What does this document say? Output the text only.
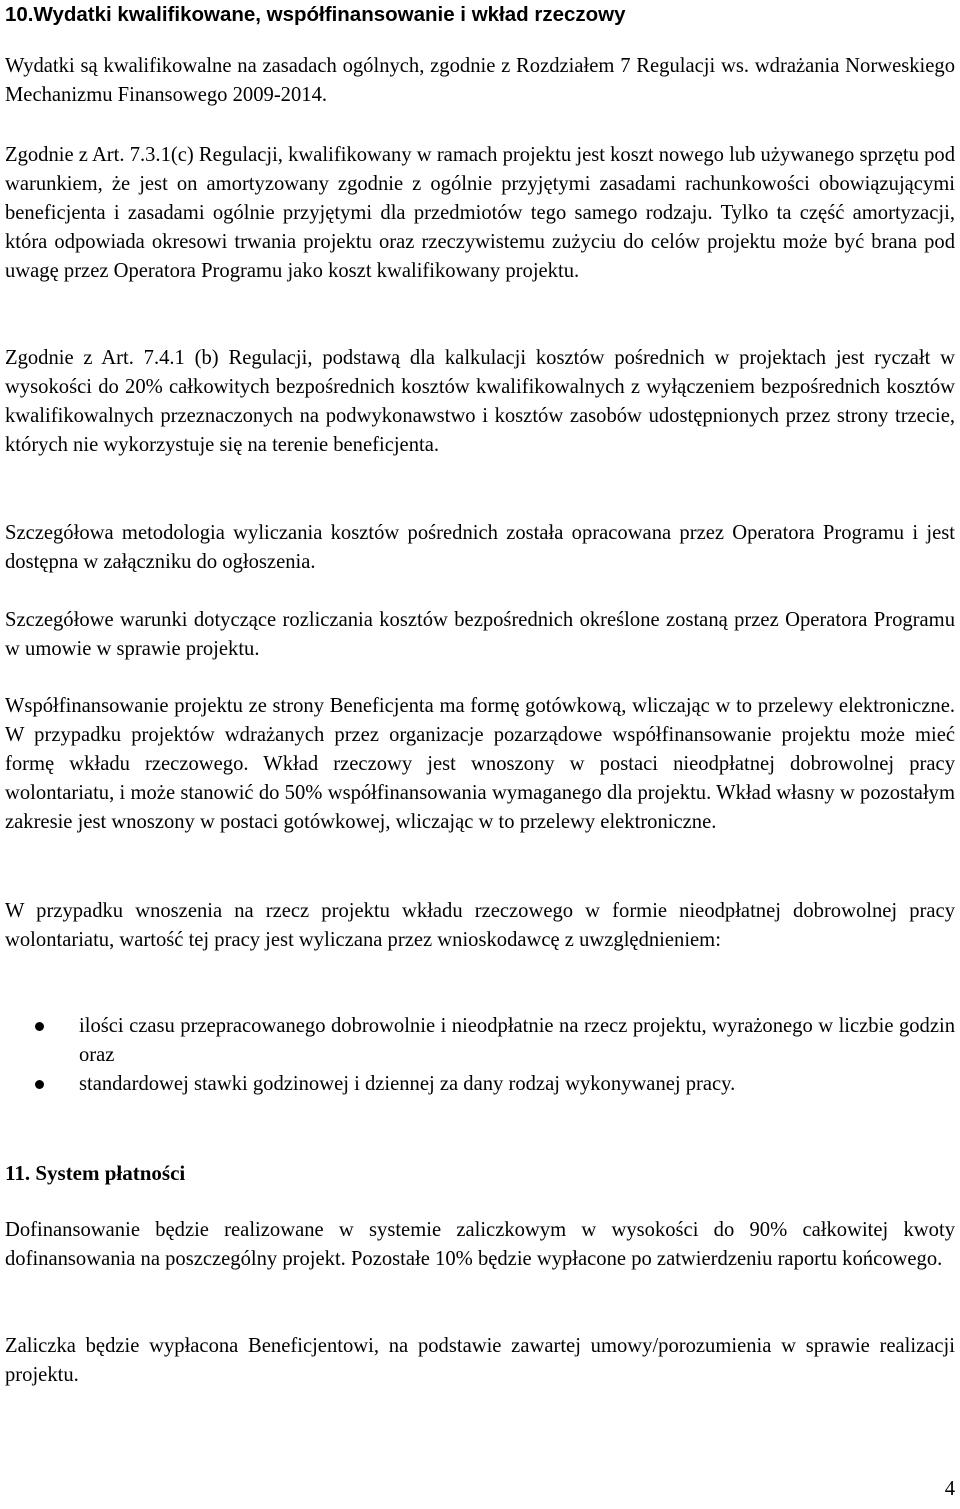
10.Wydatki kwalifikowane, współfinansowanie i wkład rzeczowy

Wydatki są kwalifikowalne na zasadach ogólnych, zgodnie z Rozdziałem 7 Regulacji ws. wdrażania Norweskiego Mechanizmu Finansowego 2009-2014.

Zgodnie z Art. 7.3.1(c) Regulacji, kwalifikowany w ramach projektu jest koszt nowego lub używanego sprzętu pod warunkiem, że jest on amortyzowany zgodnie z ogólnie przyjętymi zasadami rachunkowości obowiązującymi beneficjenta i zasadami ogólnie przyjętymi dla przedmiotów tego samego rodzaju. Tylko ta część amortyzacji, która odpowiada okresowi trwania projektu oraz rzeczywistemu zużyciu do celów projektu może być brana pod uwagę przez Operatora Programu jako koszt kwalifikowany projektu.

Zgodnie z Art. 7.4.1 (b) Regulacji, podstawą dla kalkulacji kosztów pośrednich w projektach jest ryczałt w wysokości do 20% całkowitych bezpośrednich kosztów kwalifikowalnych z wyłączeniem bezpośrednich kosztów kwalifikowalnych przeznaczonych na podwykonawstwo i kosztów zasobów udostępnionych przez strony trzecie, których nie wykorzystuje się na terenie beneficjenta.

Szczegółowa metodologia wyliczania kosztów pośrednich została opracowana przez Operatora Programu i jest dostępna w załączniku do ogłoszenia.

Szczegółowe warunki dotyczące rozliczania kosztów bezpośrednich określone zostaną przez Operatora Programu w umowie w sprawie projektu.

Współfinansowanie projektu ze strony Beneficjenta ma formę gotówkową, wliczając w to przelewy elektroniczne. W przypadku projektów wdrażanych przez organizacje pozarządowe współfinansowanie projektu może mieć formę wkładu rzeczowego. Wkład rzeczowy jest wnoszony w postaci nieodpłatnej dobrowolnej pracy wolontariatu, i może stanowić do 50% współfinansowania wymaganego dla projektu. Wkład własny w pozostałym zakresie jest wnoszony w postaci gotówkowej, wliczając w to przelewy elektroniczne.

W przypadku wnoszenia na rzecz projektu wkładu rzeczowego w formie nieodpłatnej dobrowolnej pracy wolontariatu, wartość tej pracy jest wyliczana przez wnioskodawcę z uwzględnieniem:

ilości czasu przepracowanego dobrowolnie i nieodpłatnie na rzecz projektu, wyrażonego w liczbie godzin oraz
standardowej stawki godzinowej i dziennej za dany rodzaj wykonywanej pracy.
11. System płatności

Dofinansowanie będzie realizowane w systemie zaliczkowym w wysokości do 90% całkowitej kwoty dofinansowania na poszczególny projekt. Pozostałe 10% będzie wypłacone po zatwierdzeniu raportu końcowego.

Zaliczka będzie wypłacona Beneficjentowi, na podstawie zawartej umowy/porozumienia w sprawie realizacji projektu.

4
